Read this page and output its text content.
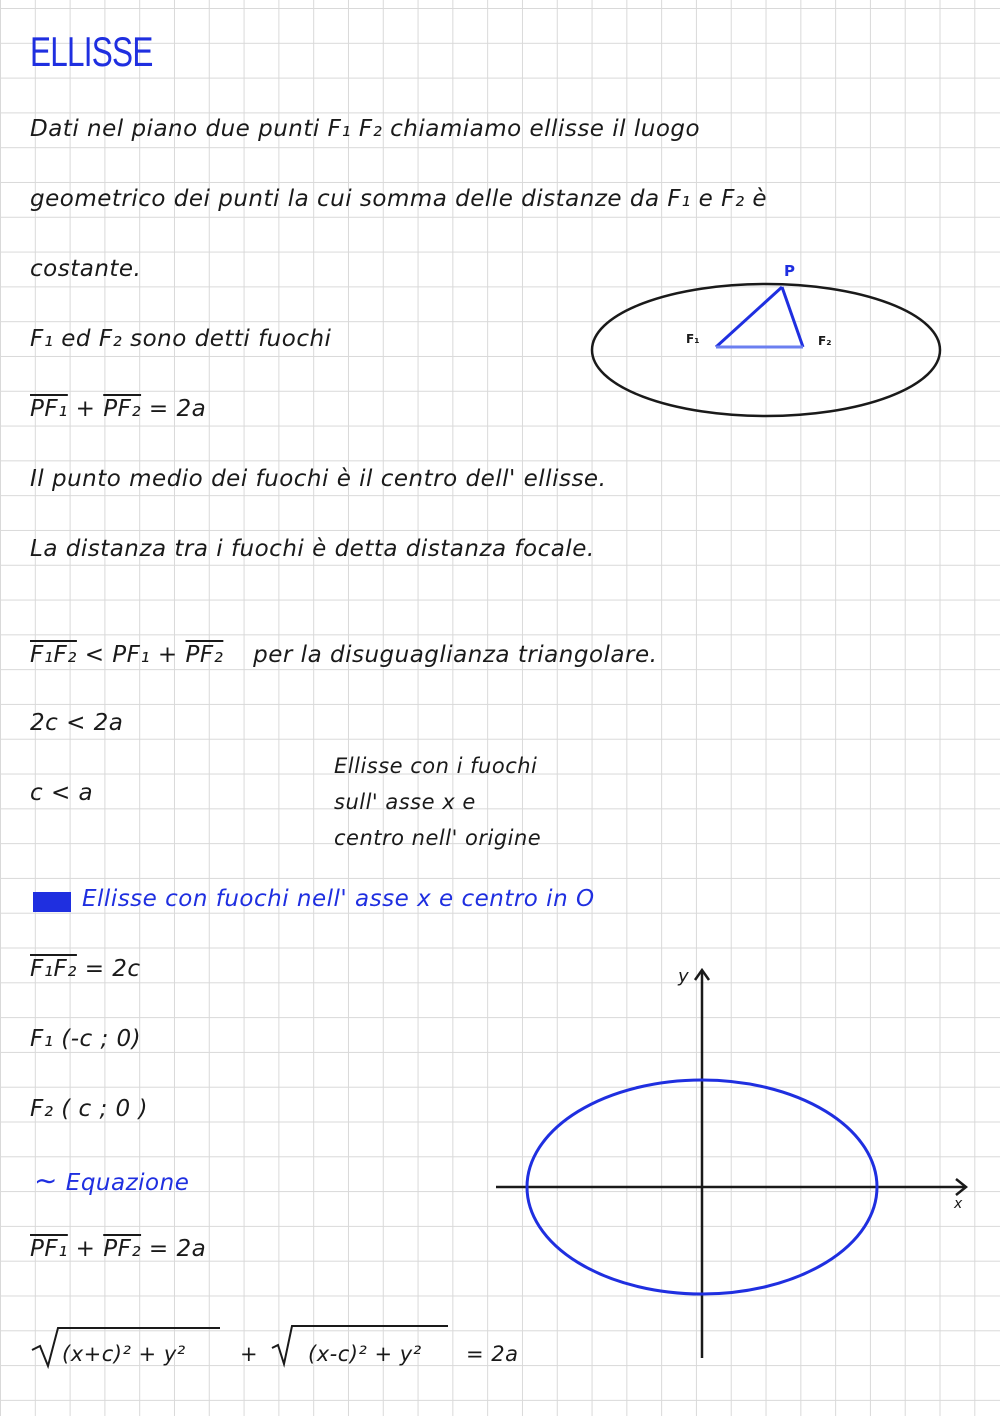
ELLISSE
Dati nel piano due punti F₁ F₂ chiamiamo ellisse il luogo
geometrico dei punti la cui somma delle distanze da F₁ e F₂ è
costante.
F₁ ed F₂ sono detti fuochi
PF₁ + PF₂ = 2a
Il punto medio dei fuochi è il centro dell' ellisse.
La distanza tra i fuochi è detta distanza focale.
F₁F₂ < PF₁ + PF₂ per la disuguaglianza triangolare.
2c < 2a
c < a
Ellisse con i fuochi
sull' asse x e
centro nell' origine
Ellisse con fuochi nell' asse x e centro in O
F₁F₂ = 2c
F₁ (-c ; 0)
F₂ ( c ; 0 )
∼ Equazione
PF₁ + PF₂ = 2a
(x+c)² + y²	+ (x-c)² + y² = 2a
P
F₁	F₂
y
x
